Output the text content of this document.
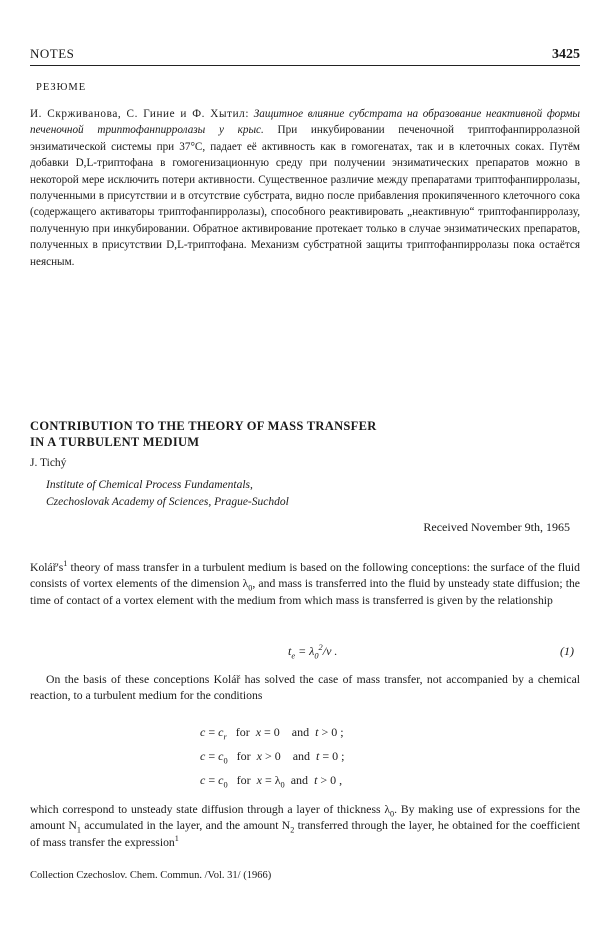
NOTES	3425
РЕЗЮМЕ
И. Скрживанова, С. Гиние и Ф. Хытил: Защитное влияние субстрата на образование неактивной формы печеночной триптофанпирролазы у крыс. При инкубировании печеночной триптофанпирролазной энзиматической системы при 37°С, падает её активность как в гомогенатах, так и в клеточных соках. Путём добавки D,L-триптофана в гомогенизационную среду при получении энзиматических препаратов можно в некоторой мере исключить потери активности. Существенное различие между препаратами триптофанпирролазы, полученными в присутствии и в отсутствие субстрата, видно после прибавления прокипяченного клеточного сока (содержащего активаторы триптофанпирролазы), способного реактивировать „неактивную“ триптофанпирролазу, полученную при инкубировании. Обратное активирование протекает только в случае энзиматических препаратов, полученных в присутствии D,L-триптофана. Механизм субстратной защиты триптофанпирролазы пока остаётся неясным.
CONTRIBUTION TO THE THEORY OF MASS TRANSFER
IN A TURBULENT MEDIUM
J. Tichý
Institute of Chemical Process Fundamentals,
Czechoslovak Academy of Sciences, Prague-Suchdol
Received November 9th, 1965
$Kolář's^1$ theory of mass transfer in a turbulent medium is based on the following conceptions: the surface of the fluid consists of vortex elements of the dimension $\lambda_0$, and mass is transferred into the fluid by unsteady state diffusion; the time of contact of a vortex element with the medium from which mass is transferred is given by the relationship
$t_e = \lambda_0^2/\nu$ .	(1)
On the basis of these conceptions Kolář has solved the case of mass transfer, not accompanied by a chemical reaction, to a turbulent medium for the conditions
$c = c_r$   for  x = 0    and  t > 0 ;
$c = c_0$   for  x > 0    and  t = 0 ;
$c = c_0$   for  $x = \lambda_0$  and  t > 0 ,
which correspond to unsteady state diffusion through a layer of thickness $\lambda_0$. By making use of expressions for the amount $N_1$ accumulated in the layer, and the amount $N_2$ transferred through the layer, he obtained for the coefficient of mass transfer the expression$^1$
Collection Czechoslov. Chem. Commun. /Vol. 31/ (1966)
